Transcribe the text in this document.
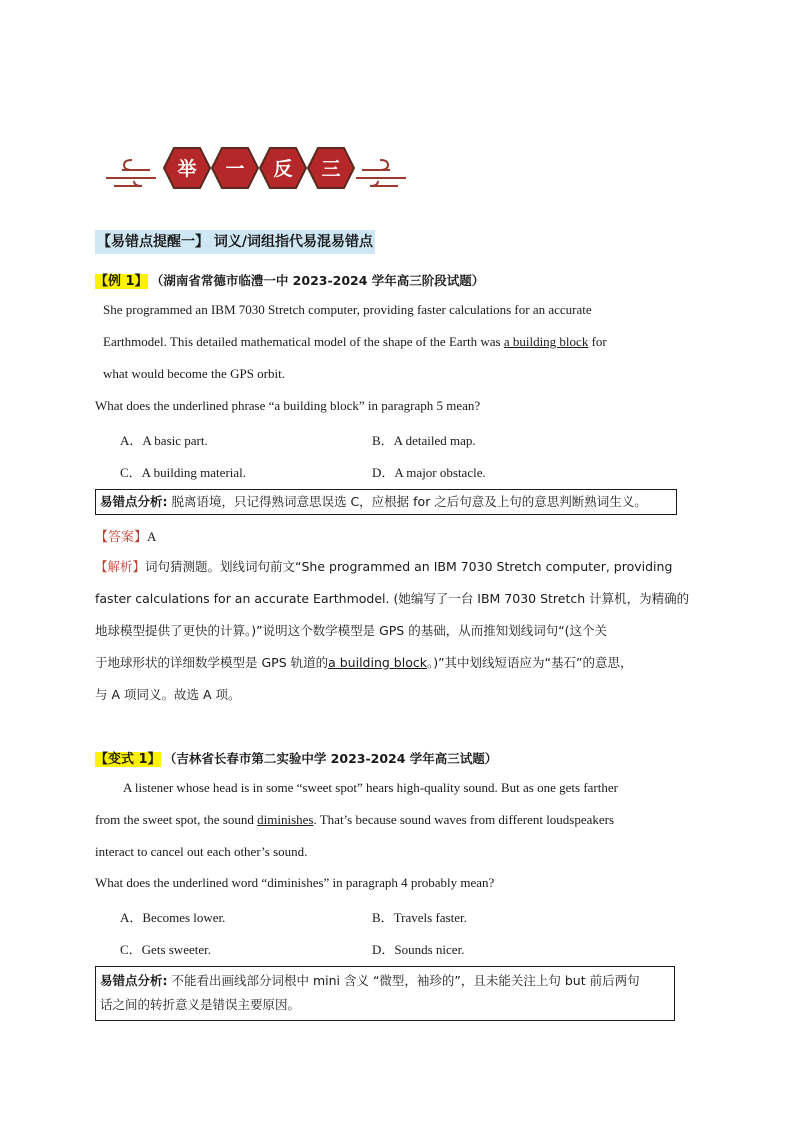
举 一 反 三
【易错点提醒一】 词义/词组指代易混易错点
【例 1】 （湖南省常德市临澧一中 2023-2024 学年高三阶段试题）
She programmed an IBM 7030 Stretch computer, providing faster calculations for an accurate
Earthmodel. This detailed mathematical model of the shape of the Earth was a building block for
what would become the GPS orbit.
What does the underlined phrase “a building block” in paragraph 5 mean?
A．A basic part.	B．A detailed map.
C．A building material.	D．A major obstacle.
易错点分析: 脱离语境，只记得熟词意思误选 C，应根据 for 之后句意及上句的意思判断熟词生义。
【答案】A
【解析】词句猜测题。划线词句前文“She programmed an IBM 7030 Stretch computer, providing
faster calculations for an accurate Earthmodel. (她编写了一台 IBM 7030 Stretch 计算机，为精确的
地球模型提供了更快的计算。)”说明这个数学模型是 GPS 的基础，从而推知划线词句“(这个关
于地球形状的详细数学模型是 GPS 轨道的a building block。)”其中划线短语应为“基石”的意思，
与 A 项同义。故选 A 项。
【变式 1】 （吉林省长春市第二实验中学 2023-2024 学年高三试题）
A listener whose head is in some “sweet spot” hears high-quality sound. But as one gets farther
from the sweet spot, the sound diminishes. That’s because sound waves from different loudspeakers
interact to cancel out each other’s sound.
What does the underlined word “diminishes” in paragraph 4 probably mean?
A．Becomes lower.	B．Travels faster.
C．Gets sweeter.	D．Sounds nicer.
易错点分析: 不能看出画线部分词根中 mini 含义 “微型，袖珍的”，且未能关注上句 but 前后两句
话之间的转折意义是错误主要原因。
